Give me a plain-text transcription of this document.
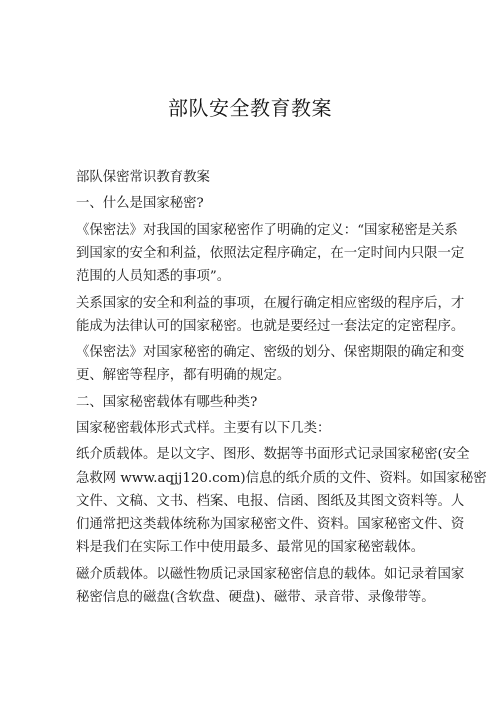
部队安全教育教案
部队保密常识教育教案
一、什么是国家秘密?
《保密法》对我国的国家秘密作了明确的定义：“国家秘密是关系
到国家的安全和利益，依照法定程序确定，在一定时间内只限一定
范围的人员知悉的事项”。
关系国家的安全和利益的事项，在履行确定相应密级的程序后，才
能成为法律认可的国家秘密。也就是要经过一套法定的定密程序。
《保密法》对国家秘密的确定、密级的划分、保密期限的确定和变
更、解密等程序，都有明确的规定。
二、国家秘密载体有哪些种类?
国家秘密载体形式式样。主要有以下几类：
纸介质载体。是以文字、图形、数据等书面形式记录国家秘密(安全
急救网 www.aqjj120.com)信息的纸介质的文件、资料。如国家秘密
文件、文稿、文书、档案、电报、信函、图纸及其图文资料等。人
们通常把这类载体统称为国家秘密文件、资料。国家秘密文件、资
料是我们在实际工作中使用最多、最常见的国家秘密载体。
磁介质载体。以磁性物质记录国家秘密信息的载体。如记录着国家
秘密信息的磁盘(含软盘、硬盘)、磁带、录音带、录像带等。
